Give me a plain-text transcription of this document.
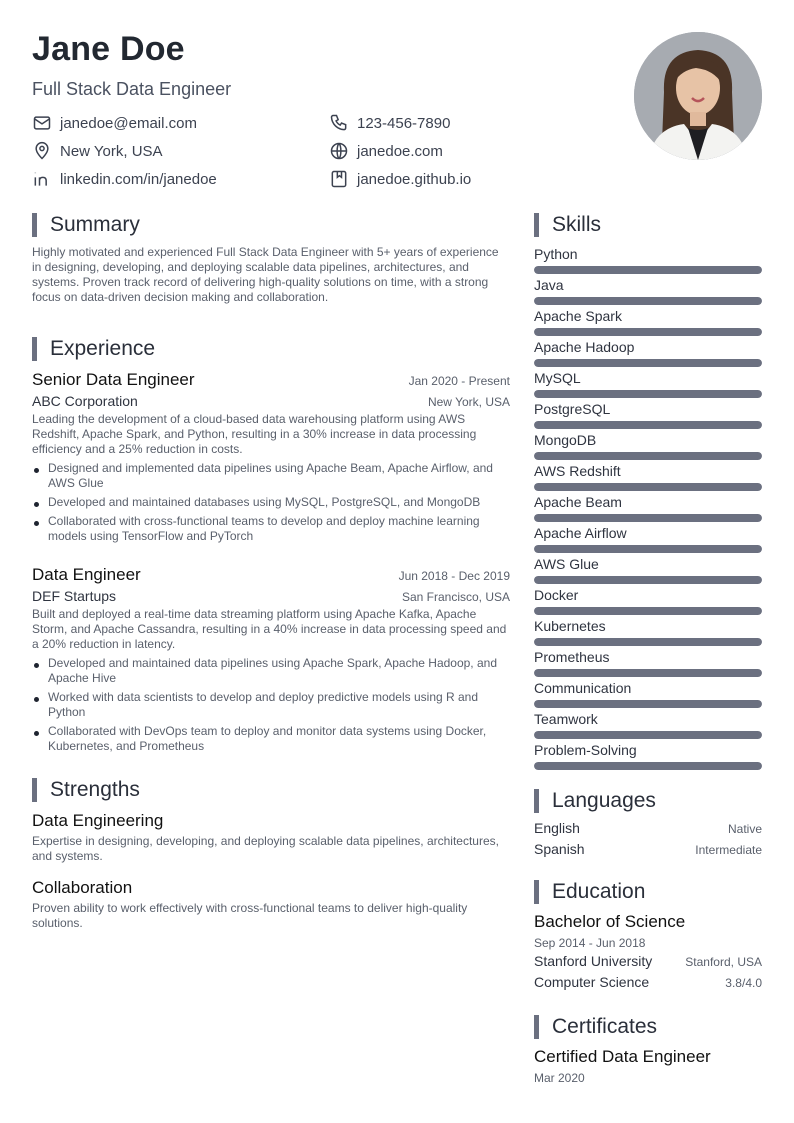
Jane Doe
Full Stack Data Engineer
janedoe@email.com	123-456-7890
New York, USA	janedoe.com
linkedin.com/in/janedoe	janedoe.github.io
Summary
Highly motivated and experienced Full Stack Data Engineer with 5+ years of experience in designing, developing, and deploying scalable data pipelines, architectures, and systems. Proven track record of delivering high-quality solutions on time, with a strong focus on data-driven decision making and collaboration.
Experience
Senior Data Engineer	Jan 2020 - Present
ABC Corporation	New York, USA
Leading the development of a cloud-based data warehousing platform using AWS Redshift, Apache Spark, and Python, resulting in a 30% increase in data processing efficiency and a 25% reduction in costs.
Designed and implemented data pipelines using Apache Beam, Apache Airflow, and AWS Glue
Developed and maintained databases using MySQL, PostgreSQL, and MongoDB
Collaborated with cross-functional teams to develop and deploy machine learning models using TensorFlow and PyTorch
Data Engineer	Jun 2018 - Dec 2019
DEF Startups	San Francisco, USA
Built and deployed a real-time data streaming platform using Apache Kafka, Apache Storm, and Apache Cassandra, resulting in a 40% increase in data processing speed and a 20% reduction in latency.
Developed and maintained data pipelines using Apache Spark, Apache Hadoop, and Apache Hive
Worked with data scientists to develop and deploy predictive models using R and Python
Collaborated with DevOps team to deploy and monitor data systems using Docker, Kubernetes, and Prometheus
Strengths
Data Engineering
Expertise in designing, developing, and deploying scalable data pipelines, architectures, and systems.
Collaboration
Proven ability to work effectively with cross-functional teams to deliver high-quality solutions.
Skills
Python
Java
Apache Spark
Apache Hadoop
MySQL
PostgreSQL
MongoDB
AWS Redshift
Apache Beam
Apache Airflow
AWS Glue
Docker
Kubernetes
Prometheus
Communication
Teamwork
Problem-Solving
Languages
English	Native
Spanish	Intermediate
Education
Bachelor of Science
Sep 2014 - Jun 2018
Stanford University	Stanford, USA
Computer Science	3.8/4.0
Certificates
Certified Data Engineer
Mar 2020
